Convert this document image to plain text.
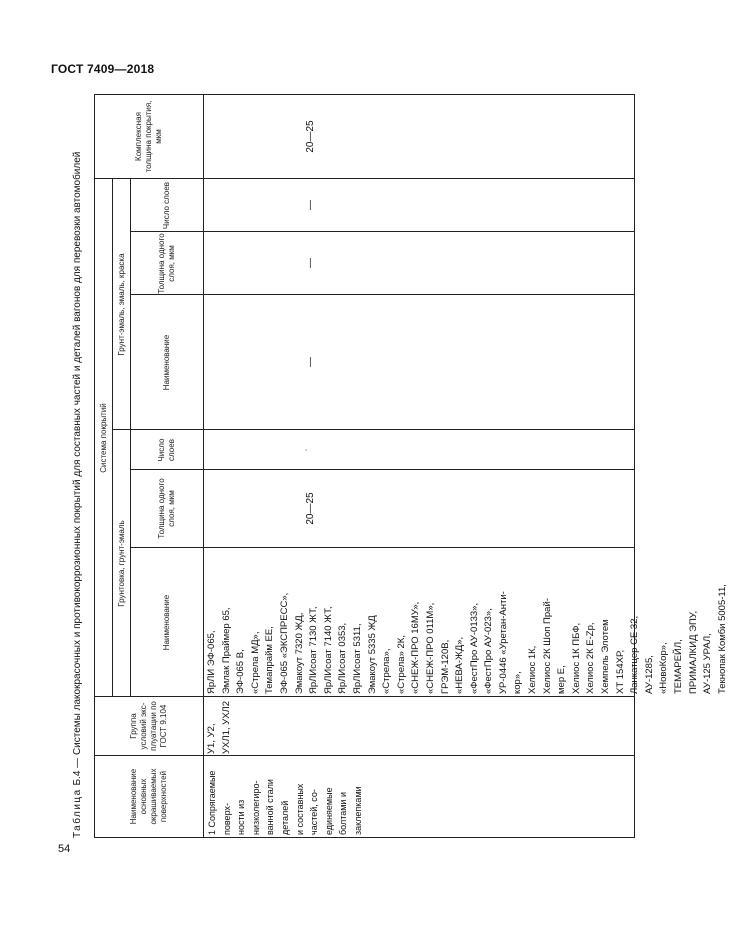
ГОСТ 7409—2018
54
Таблица Б.4 — Системы лакокрасочных и противокоррозионных покрытий для составных частей и деталей вагонов для перевозки автомобилей
Наименование основных окрашиваемых поверхностей
Группа условий экс-плуатации по ГОСТ 9.104
Система покрытий
Грунтовка, грунт-эмаль
Грунт-эмаль, эмаль, краска
Наименование
Толщина одного слоя, мкм
Число слоев
Наименование
Толщина одного слоя, мкм
Число слоев
Комплексная толщина покрытия, мкм
1 Сопрягаемые поверх- ности из низколегиро- ванной стали деталей и составных частей, со- единяемые болтами и заклепками
У1, У2, УХЛ1, УХЛ2
ЯрЛИ ЭФ-065, Эмлак Праймер 65, ЭФ-065 В, «Стрела МД», Темапрайм ЕЕ, ЭФ-065 «ЭКСПРЕСС», Эмакоут 7320 ЖД, ЯрЛИсоат 7130 ЖТ, ЯрЛИсоат 7140 ЖТ, ЯрЛИсоат 0353, ЯрЛИсоат 5311, Эмакоут 5335 ЖД «Стрела», «Стрела» 2К, «СНЕЖ-ПРО 16МУ», «СНЕЖ-ПРО 011М», ГРЭМ-120В, «НЕВА-ЖД», «ФестПро АУ-0133», «ФестПро АУ-023», УР-0446 «Уретан-Анти- кор», Хелиос 1К, Хелиос 2К Шоп Прай- мер Е, Хелиос 1К ПБФ, Хелиос 2К Е-Zр, Хемпель Элотем ХТ 154ХР, Ланкатцер СЕ 32, АУ-1285, «НовоКор», ТЕМАРЕЙЛ, ПРИМАЛКИД ЭПУ, АУ-125 УРАЛ, Текнопак Комби 5005-11,
20—25
˙
—
—
—
20—25
